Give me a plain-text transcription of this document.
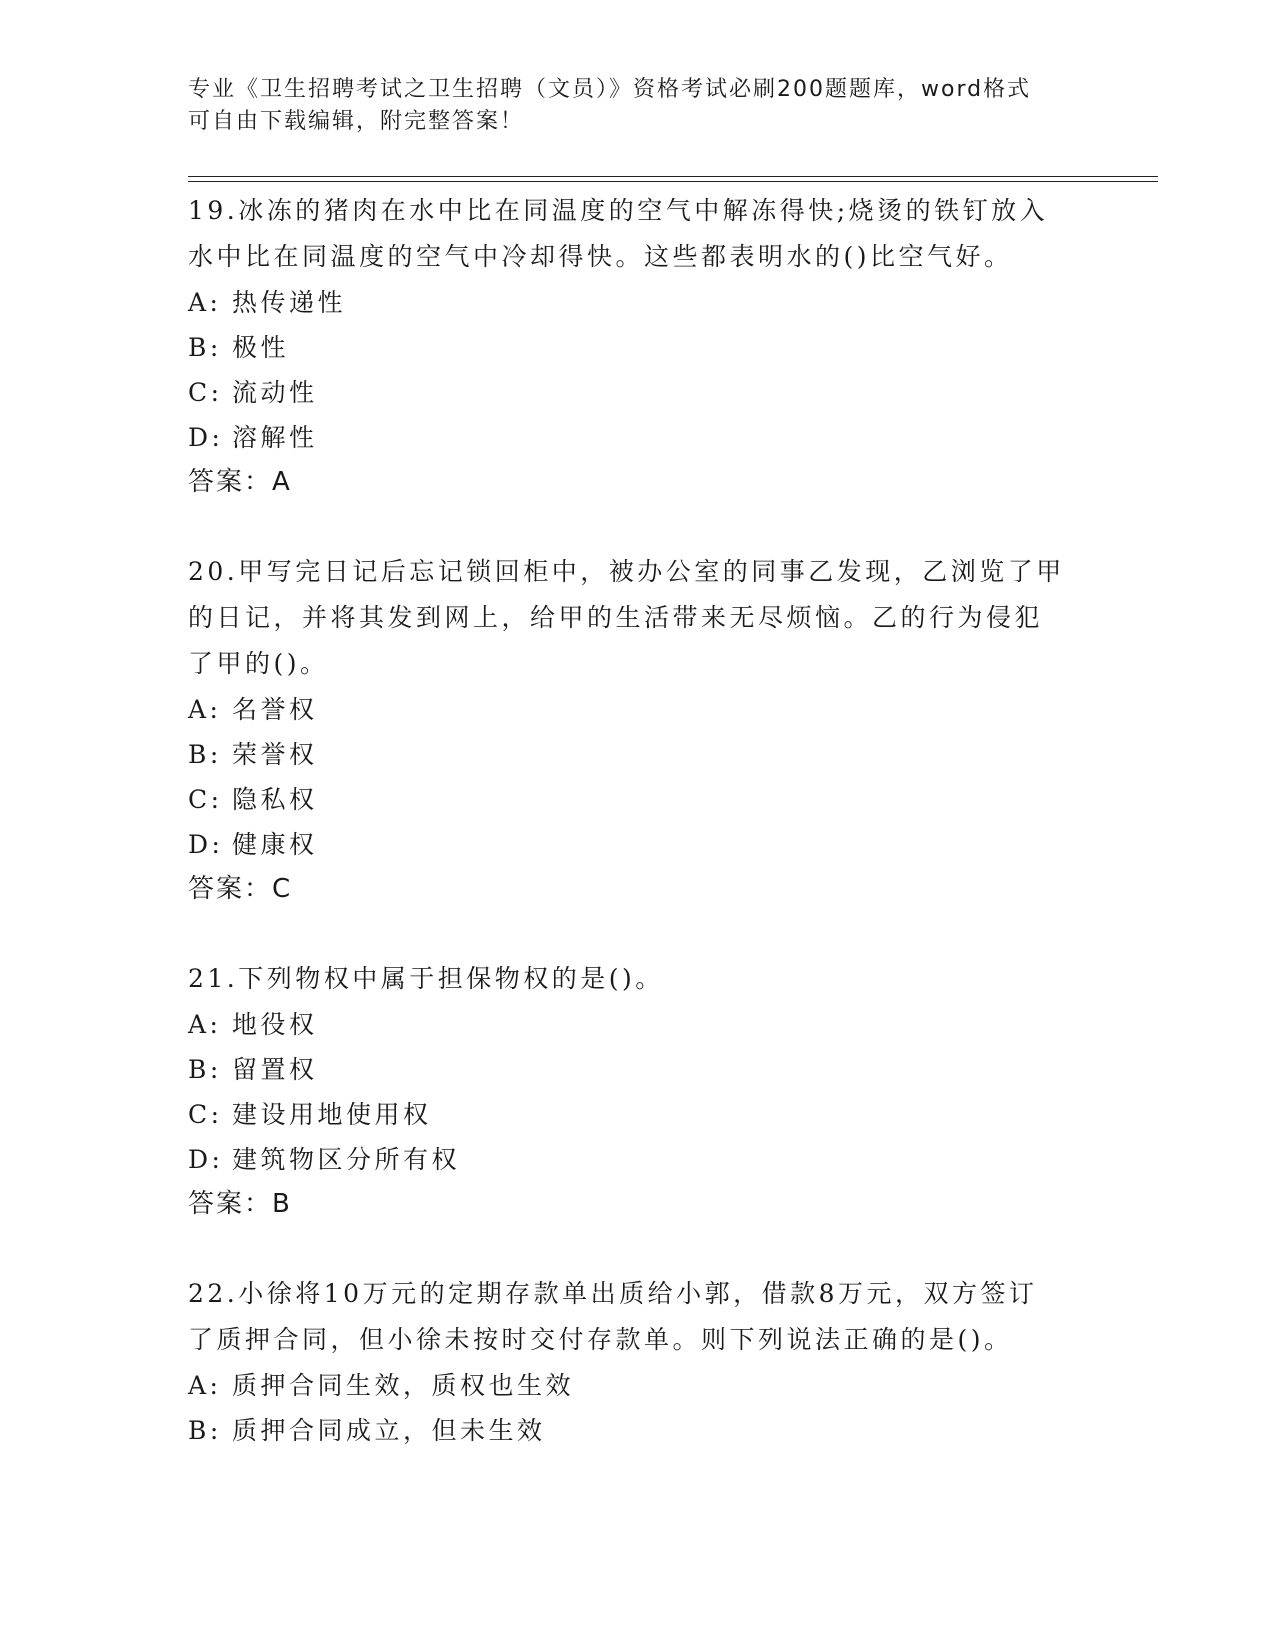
专业《卫生招聘考试之卫生招聘（文员）》资格考试必刷200题题库，word格式
可自由下载编辑，附完整答案！

19.冰冻的猪肉在水中比在同温度的空气中解冻得快;烧烫的铁钉放入
水中比在同温度的空气中冷却得快。这些都表明水的()比空气好。

A: 热传递性

B: 极性

C: 流动性

D: 溶解性

答案：A

20.甲写完日记后忘记锁回柜中，被办公室的同事乙发现，乙浏览了甲
的日记，并将其发到网上，给甲的生活带来无尽烦恼。乙的行为侵犯
了甲的()。

A: 名誉权

B: 荣誉权

C: 隐私权

D: 健康权

答案：C

21.下列物权中属于担保物权的是()。

A: 地役权

B: 留置权

C: 建设用地使用权

D: 建筑物区分所有权

答案：B

22.小徐将10万元的定期存款单出质给小郭，借款8万元，双方签订
了质押合同，但小徐未按时交付存款单。则下列说法正确的是()。

A: 质押合同生效，质权也生效

B: 质押合同成立，但未生效
